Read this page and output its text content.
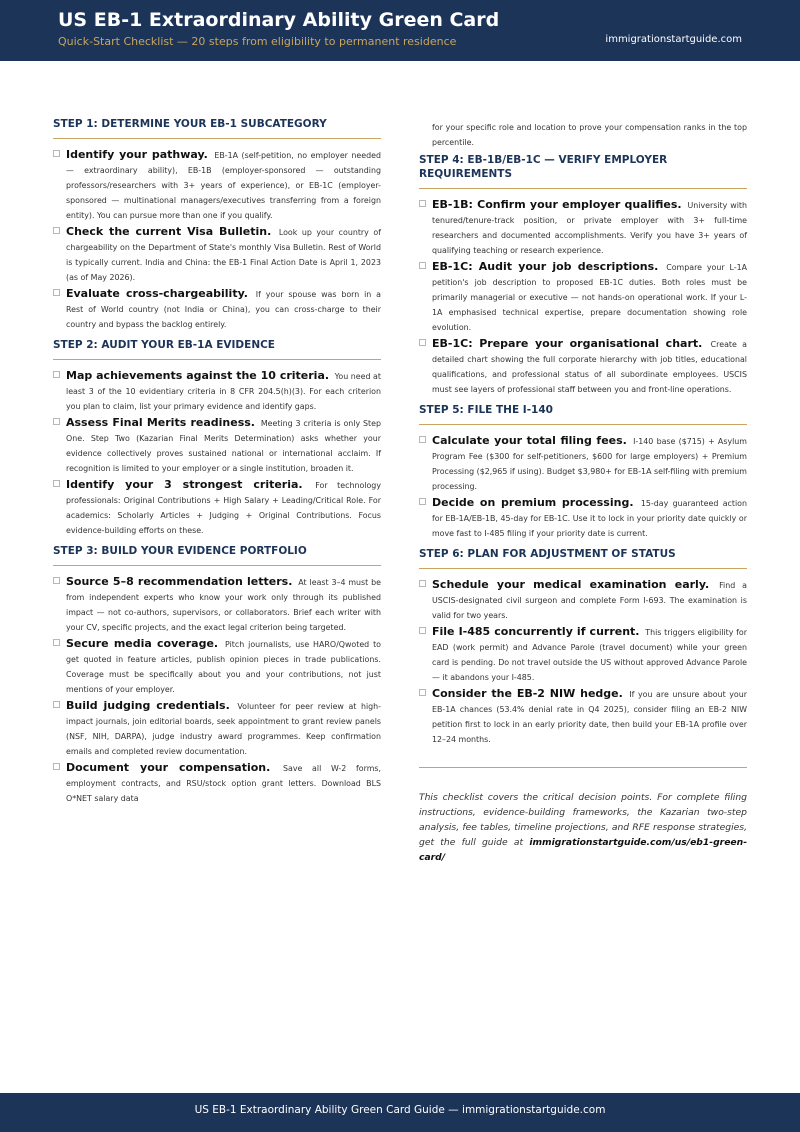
US EB-1 Extraordinary Ability Green Card
Quick-Start Checklist — 20 steps from eligibility to permanent residence	immigrationstartguide.com
STEP 1: DETERMINE YOUR EB-1 SUBCATEGORY
Identify your pathway. EB-1A (self-petition, no employer needed — extraordinary ability), EB-1B (employer-sponsored — outstanding professors/researchers with 3+ years of experience), or EB-1C (employer-sponsored — multinational managers/executives transferring from a foreign entity). You can pursue more than one if you qualify.
Check the current Visa Bulletin. Look up your country of chargeability on the Department of State's monthly Visa Bulletin. Rest of World is typically current. India and China: the EB-1 Final Action Date is April 1, 2023 (as of May 2026).
Evaluate cross-chargeability. If your spouse was born in a Rest of World country (not India or China), you can cross-charge to their country and bypass the backlog entirely.
STEP 2: AUDIT YOUR EB-1A EVIDENCE
Map achievements against the 10 criteria. You need at least 3 of the 10 evidentiary criteria in 8 CFR 204.5(h)(3). For each criterion you plan to claim, list your primary evidence and identify gaps.
Assess Final Merits readiness. Meeting 3 criteria is only Step One. Step Two (Kazarian Final Merits Determination) asks whether your evidence collectively proves sustained national or international acclaim. If recognition is limited to your employer or a single institution, broaden it.
Identify your 3 strongest criteria. For technology professionals: Original Contributions + High Salary + Leading/Critical Role. For academics: Scholarly Articles + Judging + Original Contributions. Focus evidence-building efforts on these.
STEP 3: BUILD YOUR EVIDENCE PORTFOLIO
Source 5–8 recommendation letters. At least 3–4 must be from independent experts who know your work only through its published impact — not co-authors, supervisors, or collaborators. Brief each writer with your CV, specific projects, and the exact legal criterion being targeted.
Secure media coverage. Pitch journalists, use HARO/Qwoted to get quoted in feature articles, publish opinion pieces in trade publications. Coverage must be specifically about you and your contributions, not just mentions of your employer.
Build judging credentials. Volunteer for peer review at high-impact journals, join editorial boards, seek appointment to grant review panels (NSF, NIH, DARPA), judge industry award programmes. Keep confirmation emails and completed review documentation.
Document your compensation. Save all W-2 forms, employment contracts, and RSU/stock option grant letters. Download BLS O*NET salary data
for your specific role and location to prove your compensation ranks in the top percentile.
STEP 4: EB-1B/EB-1C — VERIFY EMPLOYER REQUIREMENTS
EB-1B: Confirm your employer qualifies. University with tenured/tenure-track position, or private employer with 3+ full-time researchers and documented accomplishments. Verify you have 3+ years of qualifying teaching or research experience.
EB-1C: Audit your job descriptions. Compare your L-1A petition's job description to proposed EB-1C duties. Both roles must be primarily managerial or executive — not hands-on operational work. If your L-1A emphasised technical expertise, prepare documentation showing role evolution.
EB-1C: Prepare your organisational chart. Create a detailed chart showing the full corporate hierarchy with job titles, educational qualifications, and professional status of all subordinate employees. USCIS must see layers of professional staff between you and front-line operations.
STEP 5: FILE THE I-140
Calculate your total filing fees. I-140 base ($715) + Asylum Program Fee ($300 for self-petitioners, $600 for large employers) + Premium Processing ($2,965 if using). Budget $3,980+ for EB-1A self-filing with premium processing.
Decide on premium processing. 15-day guaranteed action for EB-1A/EB-1B, 45-day for EB-1C. Use it to lock in your priority date quickly or move fast to I-485 filing if your priority date is current.
STEP 6: PLAN FOR ADJUSTMENT OF STATUS
Schedule your medical examination early. Find a USCIS-designated civil surgeon and complete Form I-693. The examination is valid for two years.
File I-485 concurrently if current. This triggers eligibility for EAD (work permit) and Advance Parole (travel document) while your green card is pending. Do not travel outside the US without approved Advance Parole — it abandons your I-485.
Consider the EB-2 NIW hedge. If you are unsure about your EB-1A chances (53.4% denial rate in Q4 2025), consider filing an EB-2 NIW petition first to lock in an early priority date, then build your EB-1A profile over 12–24 months.
This checklist covers the critical decision points. For complete filing instructions, evidence-building frameworks, the Kazarian two-step analysis, fee tables, timeline projections, and RFE response strategies, get the full guide at immigrationstartguide.com/us/eb1-green-card/
US EB-1 Extraordinary Ability Green Card Guide — immigrationstartguide.com
